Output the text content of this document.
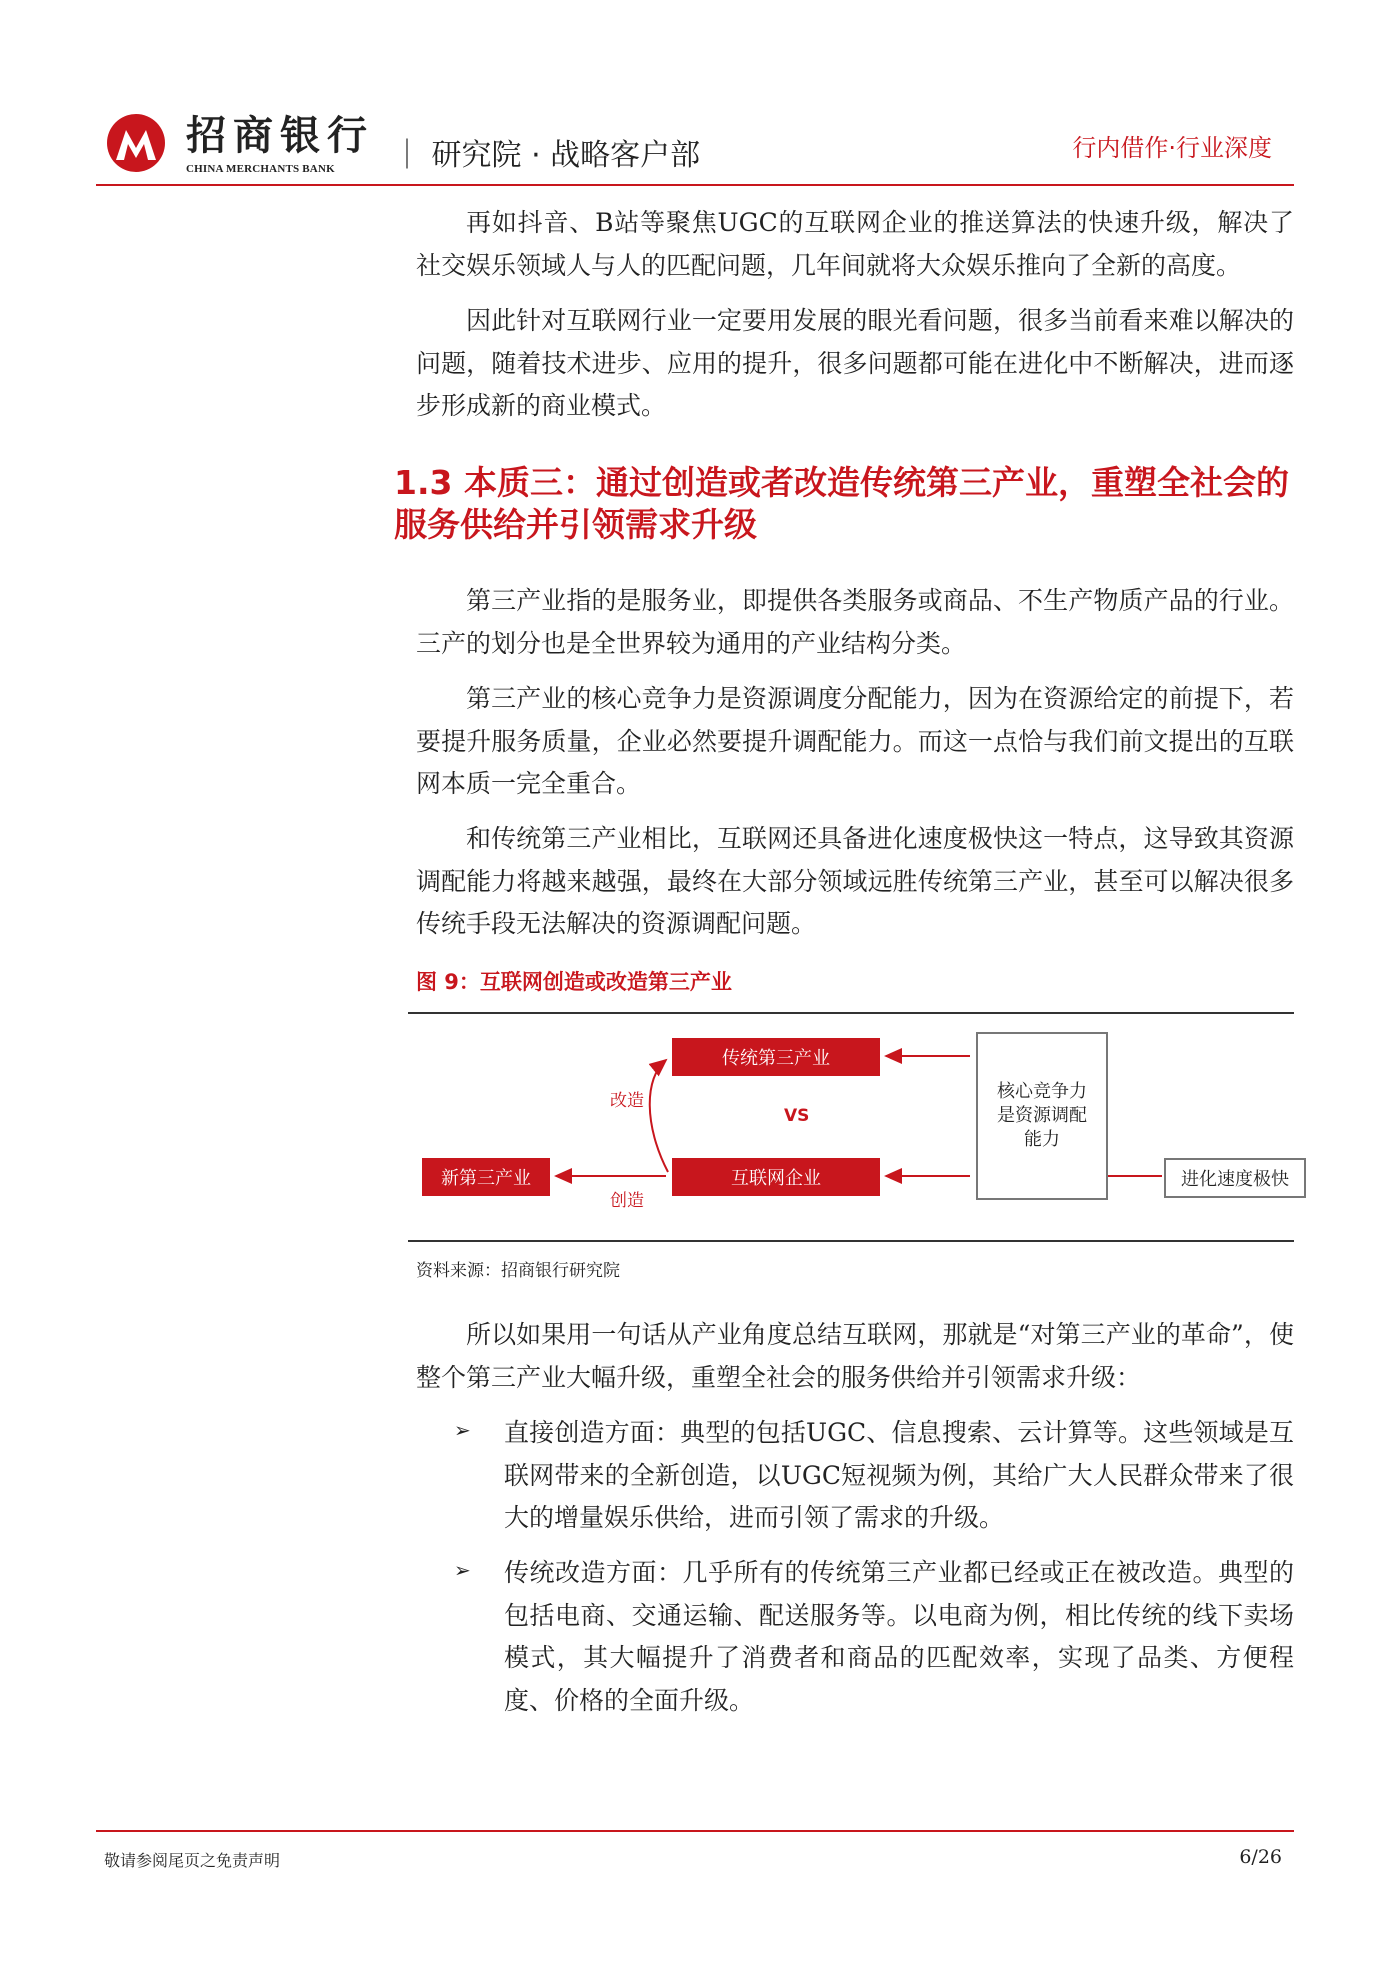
招商银行
CHINA MERCHANTS BANK ｜ 研究院 · 战略客户部	行内借作·行业深度

再如抖音、B站等聚焦UGC的互联网企业的推送算法的快速升级，解决了社交娱乐领域人与人的匹配问题，几年间就将大众娱乐推向了全新的高度。

因此针对互联网行业一定要用发展的眼光看问题，很多当前看来难以解决的问题，随着技术进步、应用的提升，很多问题都可能在进化中不断解决，进而逐步形成新的商业模式。

1.3 本质三：通过创造或者改造传统第三产业，重塑全社会的服务供给并引领需求升级

第三产业指的是服务业，即提供各类服务或商品、不生产物质产品的行业。三产的划分也是全世界较为通用的产业结构分类。

第三产业的核心竞争力是资源调度分配能力，因为在资源给定的前提下，若要提升服务质量，企业必然要提升调配能力。而这一点恰与我们前文提出的互联网本质一完全重合。

和传统第三产业相比，互联网还具备进化速度极快这一特点，这导致其资源调配能力将越来越强，最终在大部分领域远胜传统第三产业，甚至可以解决很多传统手段无法解决的资源调配问题。

图 9：互联网创造或改造第三产业
传统第三产业
互联网企业
新第三产业
核心竞争力是资源调配能力
进化速度极快
改造
VS
创造
资料来源：招商银行研究院

所以如果用一句话从产业角度总结互联网，那就是“对第三产业的革命”，使整个第三产业大幅升级，重塑全社会的服务供给并引领需求升级：

➢ 直接创造方面：典型的包括UGC、信息搜索、云计算等。这些领域是互联网带来的全新创造，以UGC短视频为例，其给广大人民群众带来了很大的增量娱乐供给，进而引领了需求的升级。

➢ 传统改造方面：几乎所有的传统第三产业都已经或正在被改造。典型的包括电商、交通运输、配送服务等。以电商为例，相比传统的线下卖场模式，其大幅提升了消费者和商品的匹配效率，实现了品类、方便程度、价格的全面升级。

敬请参阅尾页之免责声明	6/26
